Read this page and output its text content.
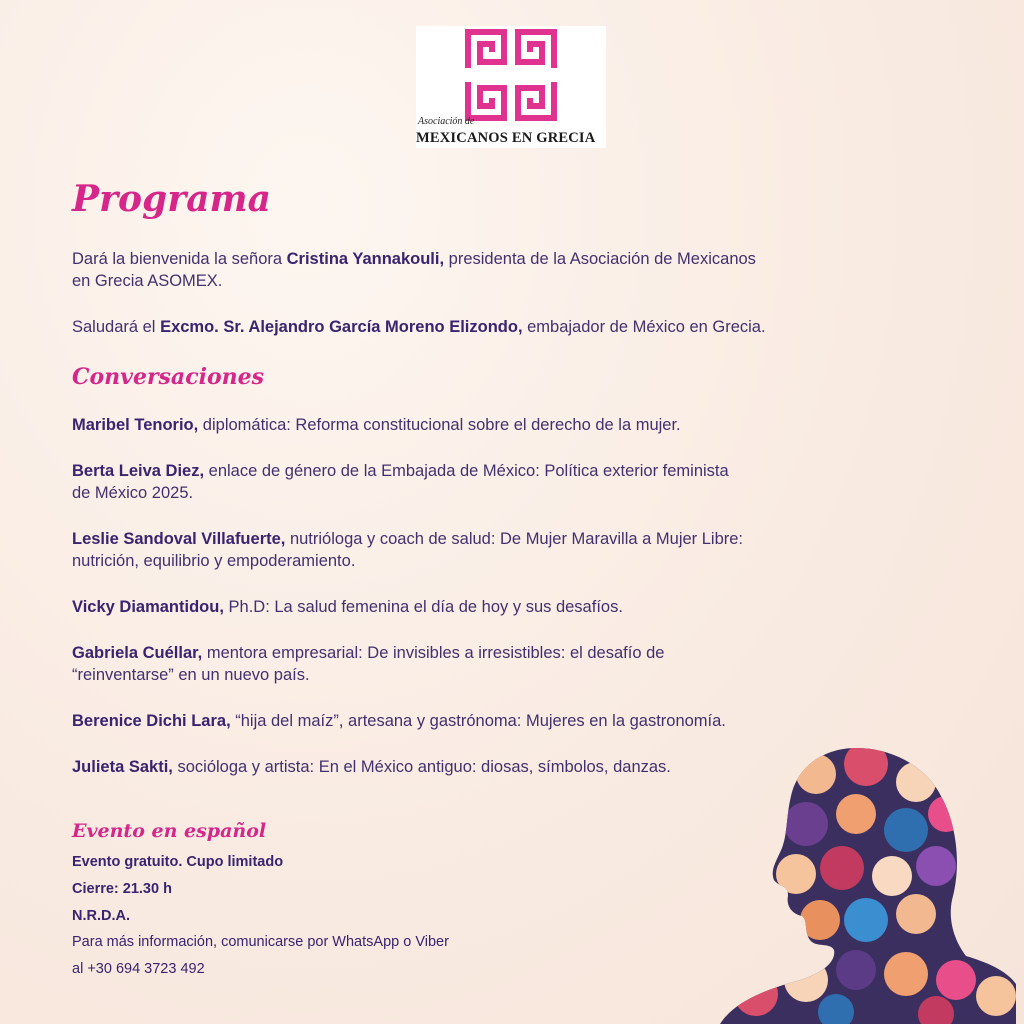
Asociación de
MEXICANOS EN GRECIA
Programa

Dará la bienvenida la señora Cristina Yannakouli, presidenta de la Asociación de Mexicanos
en Grecia ASOMEX.

Saludará el Excmo. Sr. Alejandro García Moreno Elizondo, embajador de México en Grecia.

Conversaciones

Maribel Tenorio, diplomática: Reforma constitucional sobre el derecho de la mujer.

Berta Leiva Diez, enlace de género de la Embajada de México: Política exterior feminista
de México 2025.

Leslie Sandoval Villafuerte, nutrióloga y coach de salud: De Mujer Maravilla a Mujer Libre:
nutrición, equilibrio y empoderamiento.

Vicky Diamantidou, Ph.D: La salud femenina el día de hoy y sus desafíos.

Gabriela Cuéllar, mentora empresarial: De invisibles a irresistibles: el desafío de
“reinventarse” en un nuevo país.

Berenice Dichi Lara, “hija del maíz”, artesana y gastrónoma: Mujeres en la gastronomía.

Julieta Sakti, socióloga y artista: En el México antiguo: diosas, símbolos, danzas.

Evento en español

Evento gratuito. Cupo limitado

Cierre: 21.30 h

N.R.D.A.

Para más información, comunicarse por WhatsApp o Viber

al +30 694 3723 492
